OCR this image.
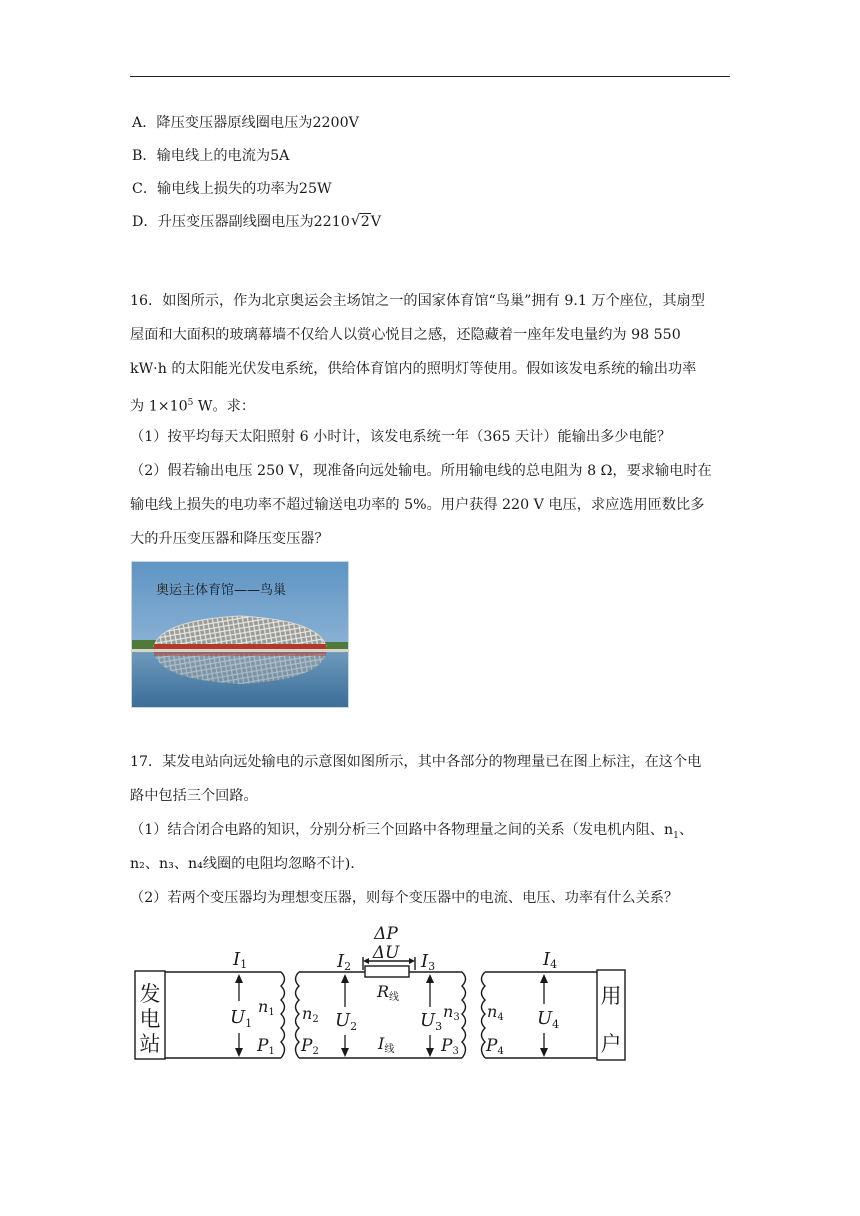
A．降压变压器原线圈电压为2200V
B．输电线上的电流为5A
C．输电线上损失的功率为25W
D．升压变压器副线圈电压为2210 √ 2V
16．如图所示，作为北京奥运会主场馆之一的国家体育馆“鸟巢”拥有 9.1 万个座位，其扇型
屋面和大面积的玻璃幕墙不仅给人以赏心悦目之感，还隐藏着一座年发电量约为 98 550
kW·h 的太阳能光伏发电系统，供给体育馆内的照明灯等使用。假如该发电系统的输出功率
为 $1\times 10^5$ W。求：
（1）按平均每天太阳照射 6 小时计，该发电系统一年（365 天计）能输出多少电能？
（2）假若输出电压 250 V，现准备向远处输电。所用输电线的总电阻为 8 Ω，要求输电时在
输电线上损失的电功率不超过输送电功率的 5%。用户获得 220 V 电压，求应选用匝数比多
大的升压变压器和降压变压器？
奥运主体育馆——鸟巢
17．某发电站向远处输电的示意图如图所示，其中各部分的物理量已在图上标注，在这个电
路中包括三个回路。
（1）结合闭合电路的知识，分别分析三个回路中各物理量之间的关系（发电机内阻、$n_1$、
n₂、n₃、n₄线圈的电阻均忽略不计).
（2）若两个变压器均为理想变压器，则每个变压器中的电流、电压、功率有什么关系？
发
电
站
用
户
ΔP
ΔU
I1	I2	I3	I4
$U_1$	$U_2$	$U_3$	$U_4$
n1 n2	n3 n4
P1 P2	P3 P4
R线
I线
